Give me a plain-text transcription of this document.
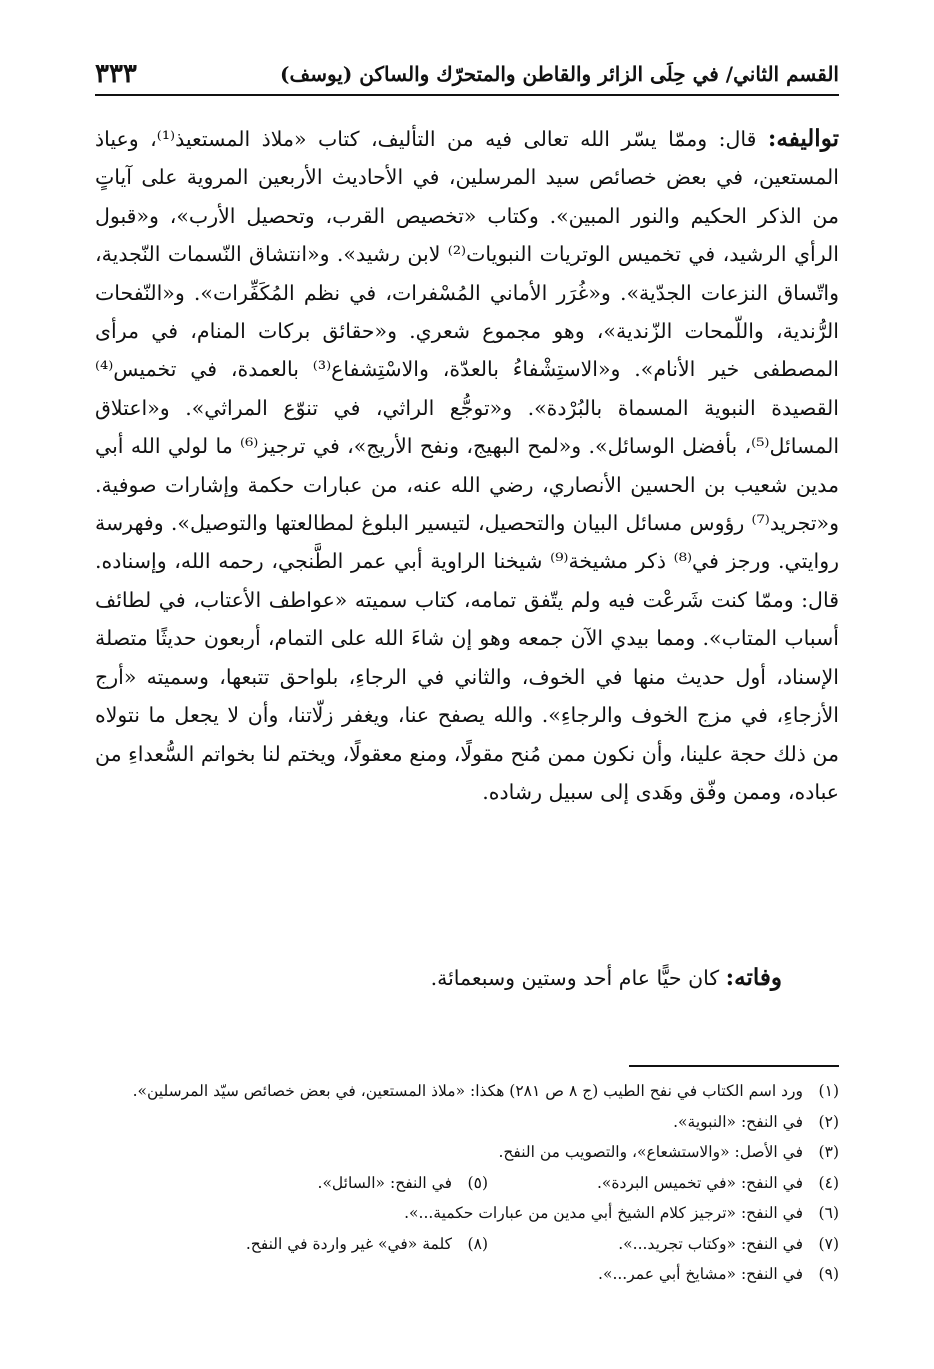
القسم الثاني/ في حِلَى الزائر والقاطن والمتحرّك والساكن (يوسف)
٣٣٣

تواليفه: قال: وممّا يسّر الله تعالى فيه من التأليف، كتاب «ملاذ المستعيذ⁽¹⁾، وعياذ المستعين، في بعض خصائص سيد المرسلين، في الأحاديث الأربعين المروية على آياتٍ من الذكر الحكيم والنور المبين». وكتاب «تخصيص القرب، وتحصيل الأرب»، و«قبول الرأي الرشيد، في تخميس الوتريات النبويات⁽²⁾ لابن رشيد». و«انتشاق النّسمات النّجدية، واتّساق النزعات الجدّية». و«غُرَر الأماني المُسْفرات، في نظم المُكَفِّرات». و«النّفحات الرُّندية، واللّمحات الزّندية»، وهو مجموع شعري. و«حقائق بركات المنام، في مرأى المصطفى خير الأنام». و«الاستِشْفاءُ بالعدّة، والاسْتِشفاع⁽³⁾ بالعمدة، في تخميس⁽⁴⁾ القصيدة النبوية المسماة بالبُرْدة». و«توجُّع الراثي، في تنوّع المراثي». و«اعتلاق المسائل⁽⁵⁾، بأفضل الوسائل». و«لمح البهيج، ونفح الأريج»، في ترجيز⁽⁶⁾ ما لولي الله أبي مدين شعيب بن الحسين الأنصاري، رضي الله عنه، من عبارات حكمة وإشارات صوفية. و«تجريد⁽⁷⁾ رؤوس مسائل البيان والتحصيل، لتيسير البلوغ لمطالعتها والتوصيل». وفهرسة روايتي. ورجز في⁽⁸⁾ ذكر مشيخة⁽⁹⁾ شيخنا الراوية أبي عمر الطَّنجي، رحمه الله، وإسناده. قال: وممّا كنت شَرعْت فيه ولم يتّفق تمامه، كتاب سميته «عواطف الأعتاب، في لطائف أسباب المتاب». ومما بيدي الآن جمعه وهو إن شاءَ الله على التمام، أربعون حديثًا متصلة الإسناد، أول حديث منها في الخوف، والثاني في الرجاءِ، بلواحق تتبعها، وسميته «أرج الأزجاءِ، في مزج الخوف والرجاءِ». والله يصفح عنا، ويغفر زلّاتنا، وأن لا يجعل ما نتولاه من ذلك حجة علينا، وأن نكون ممن مُنح مقولًا، ومنع معقولًا، ويختم لنا بخواتم السُّعداءِ من عباده، وممن وفّق وهَدى إلى سبيل رشاده.

وفاته: كان حيًّا عام أحد وستين وسبعمائة.
(١)
ورد اسم الكتاب في نفح الطيب (ج ٨ ص ٢٨١) هكذا: «ملاذ المستعين، في بعض خصائص سيّد المرسلين».
(٢)
في النفح: «النبوية».
(٣)
في الأصل: «والاستشعاع»، والتصويب من النفح.
(٤)
في النفح: «في تخميس البردة».
(٥)
في النفح: «السائل».
(٦)
في النفح: «ترجيز كلام الشيخ أبي مدين من عبارات حكمية...».
(٧)
في النفح: «وكتاب تجريد...».
(٨)
كلمة «في» غير واردة في النفح.
(٩)
في النفح: «مشايخ أبي عمر...».
